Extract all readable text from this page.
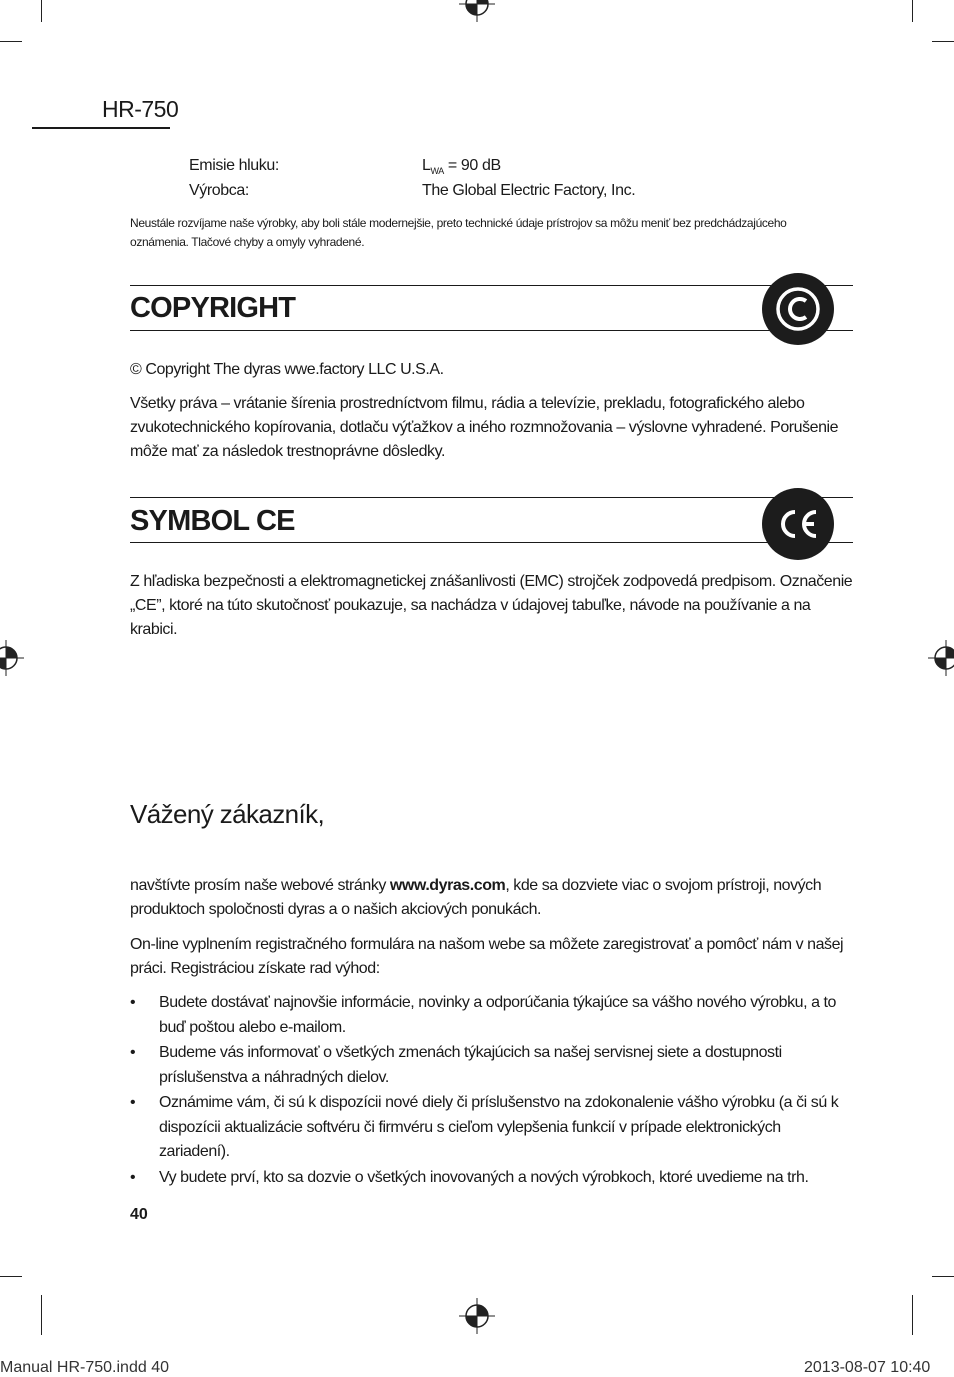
HR-750
Emisie hluku:	$L_{WA} = 90$ dB
Výrobca:	The Global Electric Factory, Inc.
Neustále rozvíjame naše výrobky, aby boli stále modernejšie, preto technické údaje prístrojov sa môžu meniť bez predchádzajúceho oznámenia. Tlačové chyby a omyly vyhradené.
COPYRIGHT
© Copyright The dyras wwe.factory LLC U.S.A.

Všetky práva – vrátanie šírenia prostredníctvom filmu, rádia a televízie, prekladu, fotografického alebo zvukotechnického kopírovania, dotlaču výťažkov a iného rozmnožovania – výslovne vyhradené. Porušenie môže mať za následok trestnoprávne dôsledky.

SYMBOL CE

Z hľadiska bezpečnosti a elektromagnetickej znášanlivosti (EMC) strojček zodpovedá predpisom. Označenie „CE”, ktoré na túto skutočnosť poukazuje, sa nachádza v údajovej tabuľke, návode na používanie a na krabici.

Vážený zákazník,

navštívte prosím naše webové stránky www.dyras.com, kde sa dozviete viac o svojom prístroji, nových produktoch spoločnosti dyras a o našich akciových ponukách.

On-line vyplnením registračného formulára na našom webe sa môžete zaregistrovať a pomôcť nám v našej práci. Registráciou získate rad výhod:

• Budete dostávať najnovšie informácie, novinky a odporúčania týkajúce sa vášho nového výrobku, a to buď poštou alebo e-mailom.
• Budeme vás informovať o všetkých zmenách týkajúcich sa našej servisnej siete a dostupnosti príslušenstva a náhradných dielov.
• Oznámime vám, či sú k dispozícii nové diely či príslušenstvo na zdokonalenie vášho výrobku (a či sú k dispozícii aktualizácie softvéru či firmvéru s cieľom vylepšenia funkcií v prípade elektronických zariadení).
• Vy budete prví, kto sa dozvie o všetkých inovovaných a nových výrobkoch, ktoré uvedieme na trh.
40
Manual HR-750.indd 40	2013-08-07 10:40
